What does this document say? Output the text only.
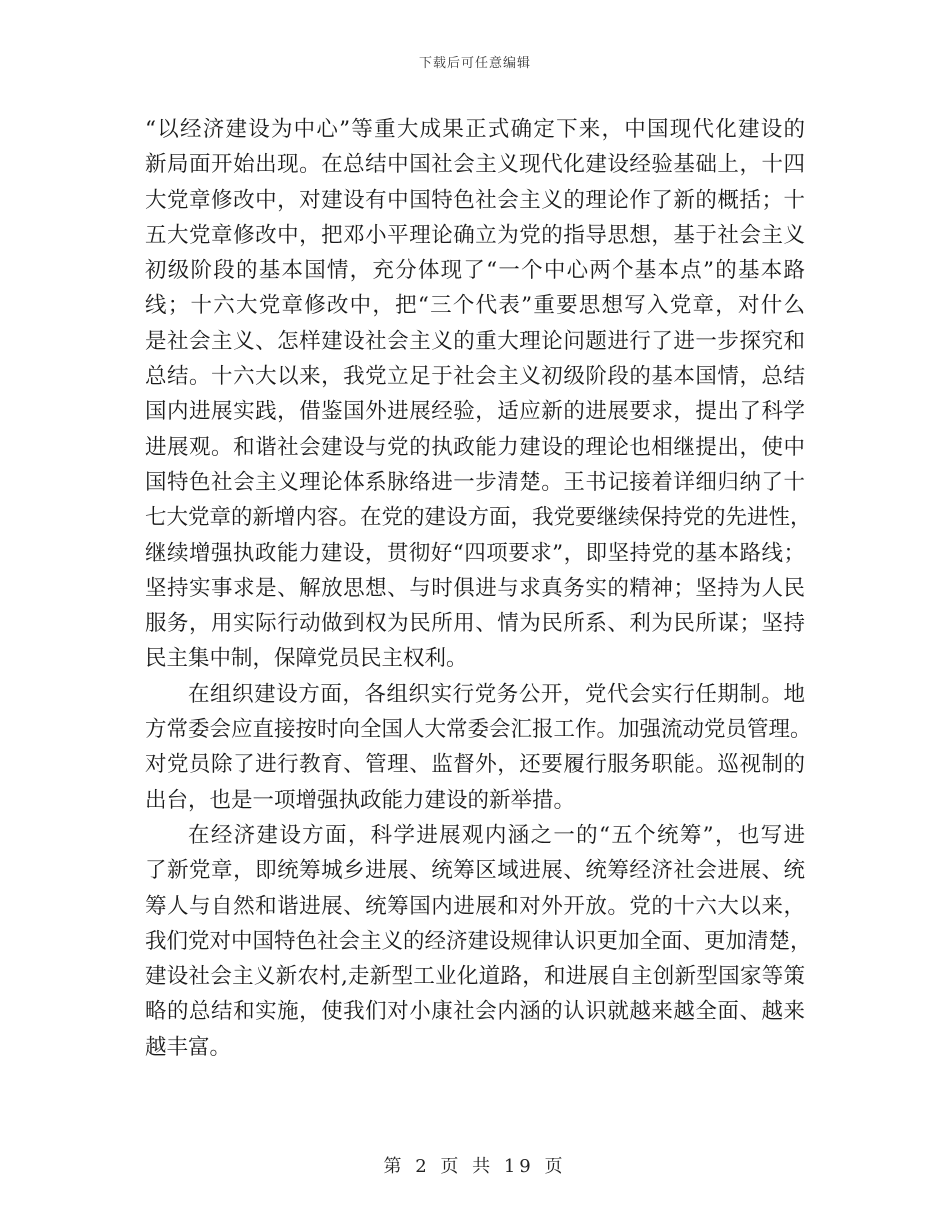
下载后可任意编辑
“以经济建设为中心”等重大成果正式确定下来，中国现代化建设的
新局面开始出现。在总结中国社会主义现代化建设经验基础上，十四
大党章修改中，对建设有中国特色社会主义的理论作了新的概括；十
五大党章修改中，把邓小平理论确立为党的指导思想，基于社会主义
初级阶段的基本国情，充分体现了“一个中心两个基本点”的基本路
线；十六大党章修改中，把“三个代表”重要思想写入党章，对什么
是社会主义、怎样建设社会主义的重大理论问题进行了进一步探究和
总结。十六大以来，我党立足于社会主义初级阶段的基本国情，总结
国内进展实践，借鉴国外进展经验，适应新的进展要求，提出了科学
进展观。和谐社会建设与党的执政能力建设的理论也相继提出，使中
国特色社会主义理论体系脉络进一步清楚。王书记接着详细归纳了十
七大党章的新增内容。在党的建设方面，我党要继续保持党的先进性，
继续增强执政能力建设，贯彻好“四项要求”，即坚持党的基本路线；
坚持实事求是、解放思想、与时俱进与求真务实的精神；坚持为人民
服务，用实际行动做到权为民所用、情为民所系、利为民所谋；坚持
民主集中制，保障党员民主权利。
在组织建设方面，各组织实行党务公开，党代会实行任期制。地
方常委会应直接按时向全国人大常委会汇报工作。加强流动党员管理。
对党员除了进行教育、管理、监督外，还要履行服务职能。巡视制的
出台，也是一项增强执政能力建设的新举措。
在经济建设方面，科学进展观内涵之一的“五个统筹”，也写进
了新党章，即统筹城乡进展、统筹区域进展、统筹经济社会进展、统
筹人与自然和谐进展、统筹国内进展和对外开放。党的十六大以来，
我们党对中国特色社会主义的经济建设规律认识更加全面、更加清楚，
建设社会主义新农村,走新型工业化道路，和进展自主创新型国家等策
略的总结和实施，使我们对小康社会内涵的认识就越来越全面、越来
越丰富。
第 2 页 共 19 页
